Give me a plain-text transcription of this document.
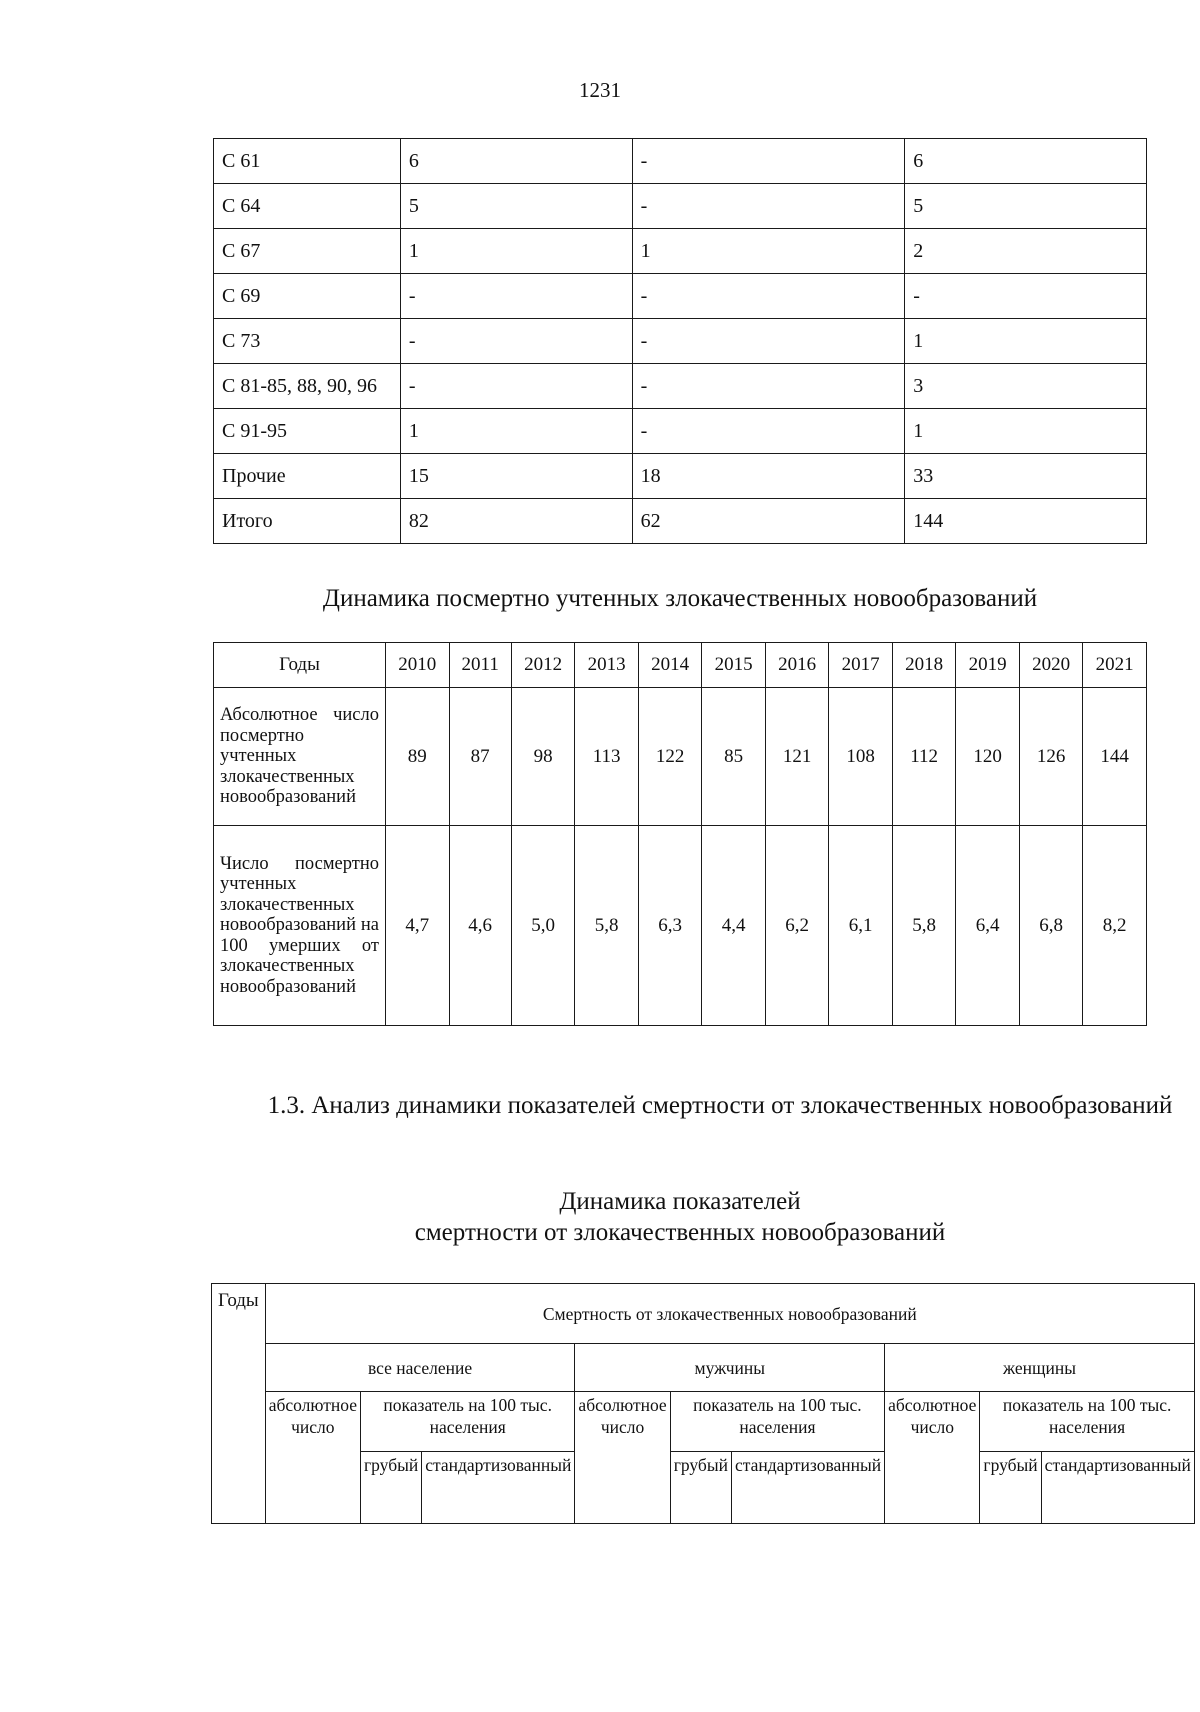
1231
C 61	6	-	6
C 64	5	-	5
C 67	1	1	2
C 69	-	-	-
C 73	-	-	1
C 81-85, 88, 90, 96	-	-	3
C 91-95	1	-	1
Прочие	15	18	33
Итого	82	62	144
Динамика посмертно учтенных злокачественных новообразований
Годы	2010	2011	2012	2013	2014	2015	2016	2017	2018	2019	2020	2021
Абсолютное число посмертно учтенных злокачественных новообразований	89	87	98	113	122	85	121	108	112	120	126	144
Число посмертно учтенных злокачественных новообразований на 100 умерших от злокачественных новообразований	4,7	4,6	5,0	5,8	6,3	4,4	6,2	6,1	5,8	6,4	6,8	8,2
1.3. Анализ динамики показателей смертности от злокачественных новообразований
Динамика показателей
смертности от злокачественных новообразований
Годы	Смертность от злокачественных новообразований								
	все население			мужчины			женщины		
	абсолютное число	показатель на 100 тыс. населения		абсолютное число	показатель на 100 тыс. населения		абсолютное число	показатель на 100 тыс. населения	
		грубый	стандартизованный		грубый	стандартизованный		грубый	стандартизованный
